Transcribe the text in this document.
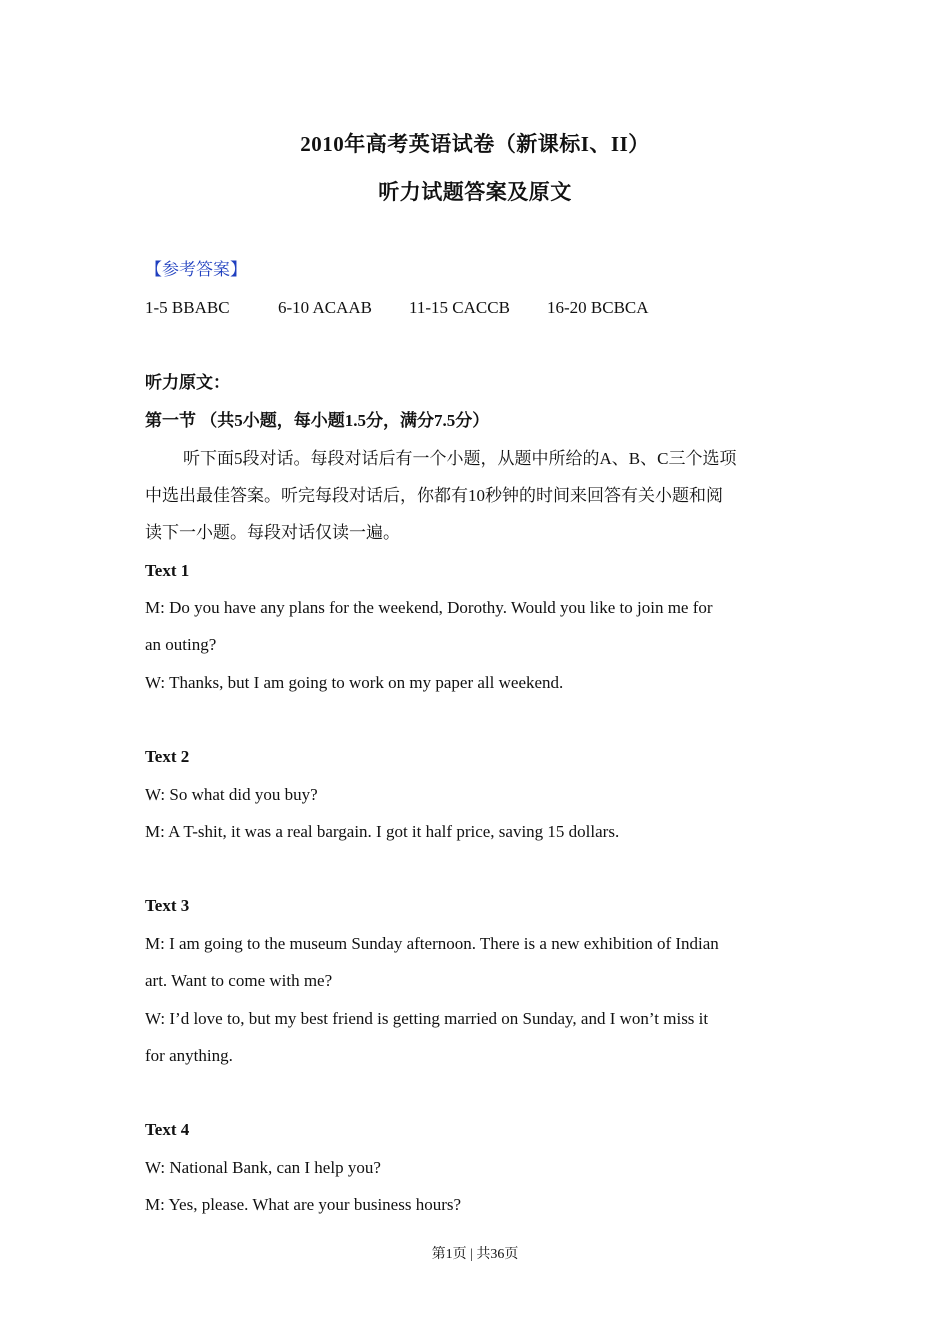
2010年高考英语试卷（新课标I、II）
听力试题答案及原文
【参考答案】
1-5 BBABC	6-10 ACAAB 11-15 CACCB 16-20 BCBCA
听力原文：
第一节 （共5小题，每小题1.5分，满分7.5分）
听下面5段对话。每段对话后有一个小题，从题中所给的A、B、C三个选项
中选出最佳答案。听完每段对话后，你都有10秒钟的时间来回答有关小题和阅
读下一小题。每段对话仅读一遍。
Text 1
M: Do you have any plans for the weekend, Dorothy. Would you like to join me for
an outing?
W: Thanks, but I am going to work on my paper all weekend.
Text 2
W: So what did you buy?
M: A T-shit, it was a real bargain. I got it half price, saving 15 dollars.
Text 3
M: I am going to the museum Sunday afternoon. There is a new exhibition of Indian
art. Want to come with me?
W: I’d love to, but my best friend is getting married on Sunday, and I won’t miss it
for anything.
Text 4
W: National Bank, can I help you?
M: Yes, please. What are your business hours?
第1页 | 共36页
